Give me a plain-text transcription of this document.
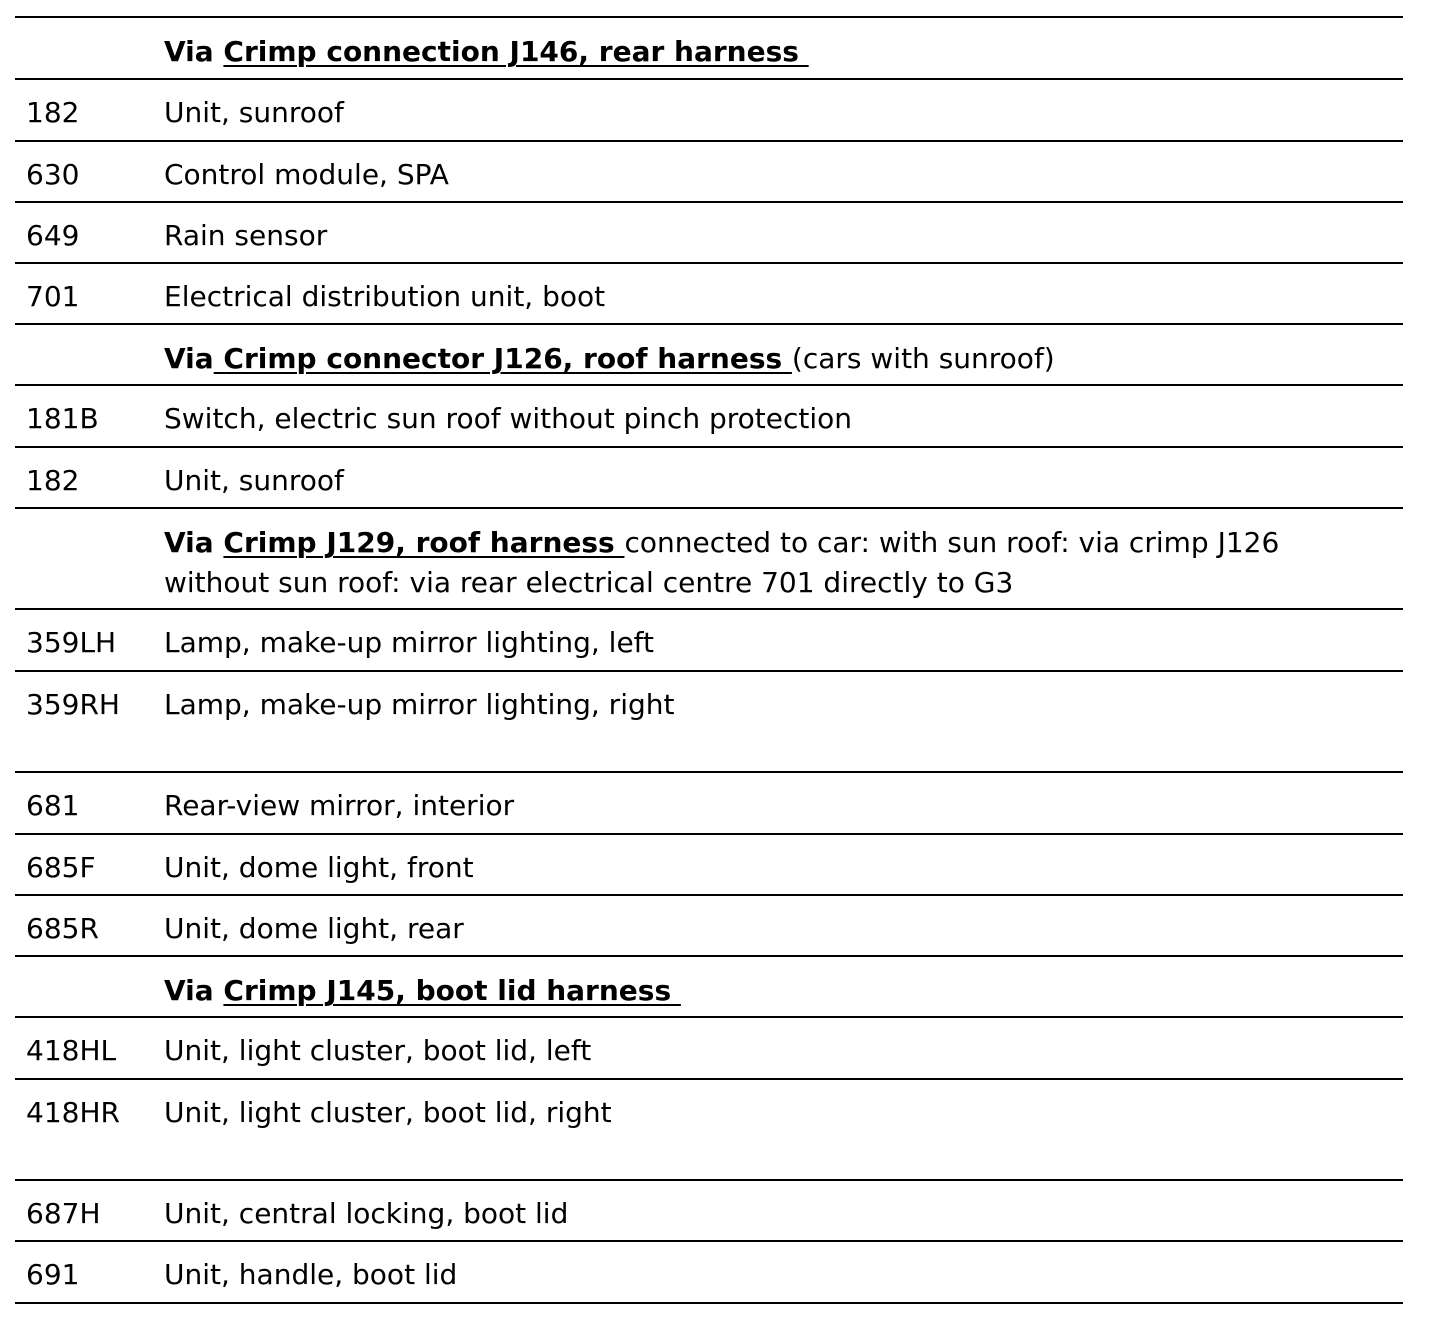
Via Crimp connection J146, rear harness
182	Unit, sunroof
630	Control module, SPA
649	Rain sensor
701	Electrical distribution unit, boot
Via Crimp connector J126, roof harness (cars with sunroof)
181B Switch, electric sun roof without pinch protection
182	Unit, sunroof
Via Crimp J129, roof harness connected to car: with sun roof: via crimp J126 without sun roof: via rear electrical centre 701 directly to G3
359LH Lamp, make-up mirror lighting, left
359RH Lamp, make-up mirror lighting, right
681	Rear-view mirror, interior
685F Unit, dome light, front
685R Unit, dome light, rear
Via Crimp J145, boot lid harness
418HL Unit, light cluster, boot lid, left
418HR Unit, light cluster, boot lid, right
687H Unit, central locking, boot lid
691	Unit, handle, boot lid
